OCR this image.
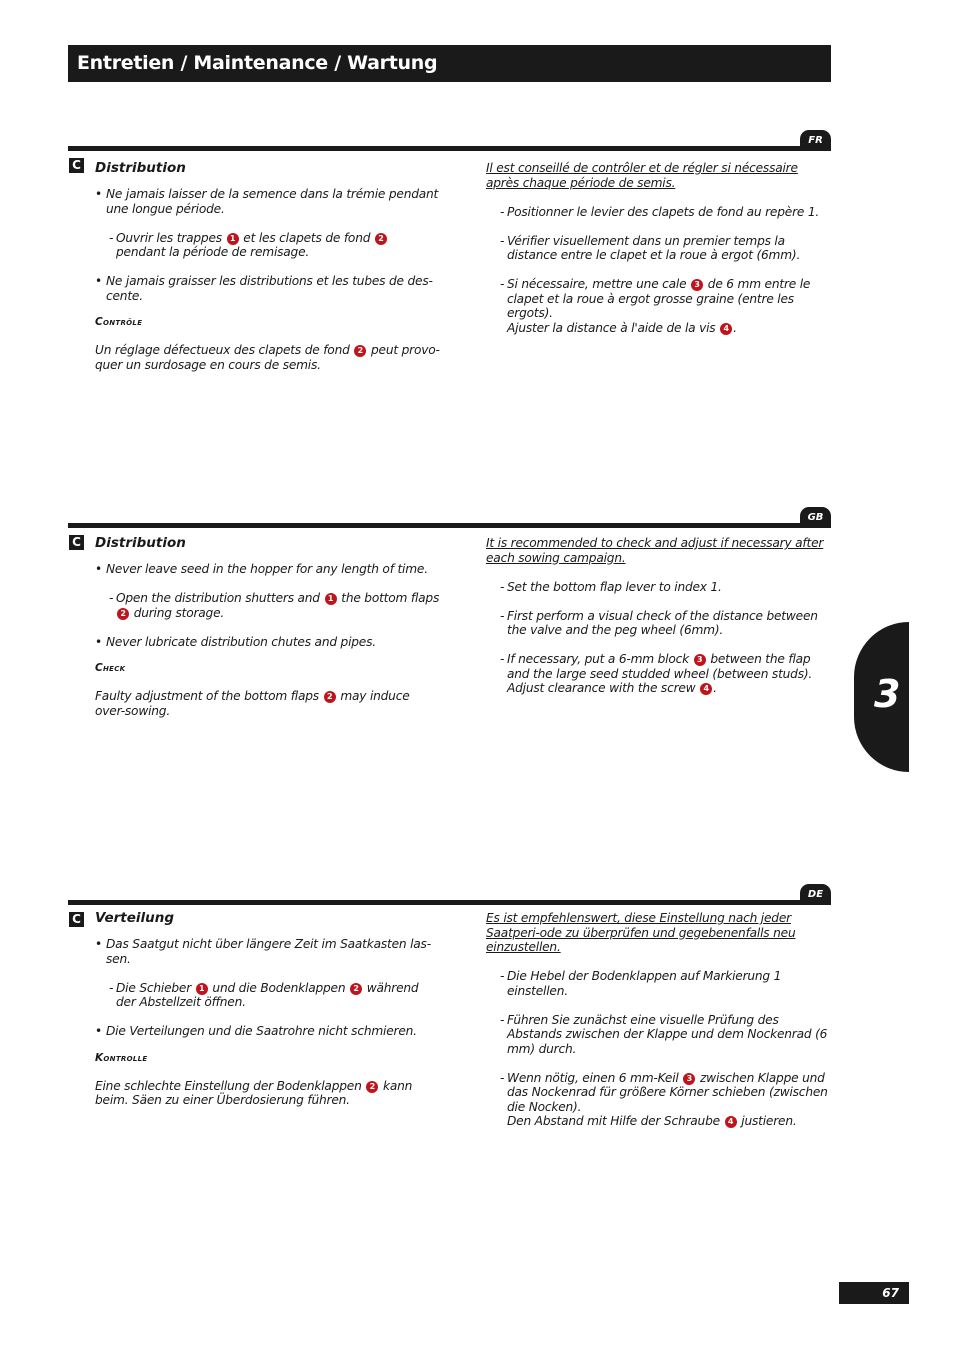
Entretien / Maintenance / Wartung
FR
C Distribution
• Ne jamais laisser de la semence dans la trémie pendant une longue période.
- Ouvrir les trappes 1 et les clapets de fond 2 pendant la période de remisage.
• Ne jamais graisser les distributions et les tubes de des-cente.
Contrôle

Un réglage défectueux des clapets de fond 2 peut provo-quer un surdosage en cours de semis.

Il est conseillé de contrôler et de régler si nécessaire après chaque période de semis.

- Positionner le levier des clapets de fond au repère 1.
- Vérifier visuellement dans un premier temps la distance entre le clapet et la roue à ergot (6mm).
- Si nécessaire, mettre une cale 3 de 6 mm entre le clapet et la roue à ergot grosse graine (entre les ergots).
Ajuster la distance à l'aide de la vis 4 .
GB
C Distribution
• Never leave seed in the hopper for any length of time.
- Open the distribution shutters and 1 the bottom flaps 2 during storage.
• Never lubricate distribution chutes and pipes.
Check

Faulty adjustment of the bottom flaps 2 may induce over-sowing.

It is recommended to check and adjust if necessary after each sowing campaign.

- Set the bottom flap lever to index 1.
- First perform a visual check of the distance between the valve and the peg wheel (6mm).
- If necessary, put a 6-mm block 3 between the flap and the large seed studded wheel (between studs).
Adjust clearance with the screw 4 .
DE
C Verteilung
• Das Saatgut nicht über längere Zeit im Saatkasten las-sen.
- Die Schieber 1 und die Bodenklappen 2 während der Abstellzeit öffnen.
• Die Verteilungen und die Saatrohre nicht schmieren.
Kontrolle

Eine schlechte Einstellung der Bodenklappen 2 kann beim. Säen zu einer Überdosierung führen.

Es ist empfehlenswert, diese Einstellung nach jeder Saatperi-ode zu überprüfen und gegebenenfalls neu einzustellen.

- Die Hebel der Bodenklappen auf Markierung 1 einstellen.
- Führen Sie zunächst eine visuelle Prüfung des Abstands zwischen der Klappe und dem Nockenrad (6 mm) durch.
- Wenn nötig, einen 6 mm-Keil 3 zwischen Klappe und das Nockenrad für größere Körner schieben (zwischen die Nocken).
Den Abstand mit Hilfe der Schraube 4 justieren.
3
67
